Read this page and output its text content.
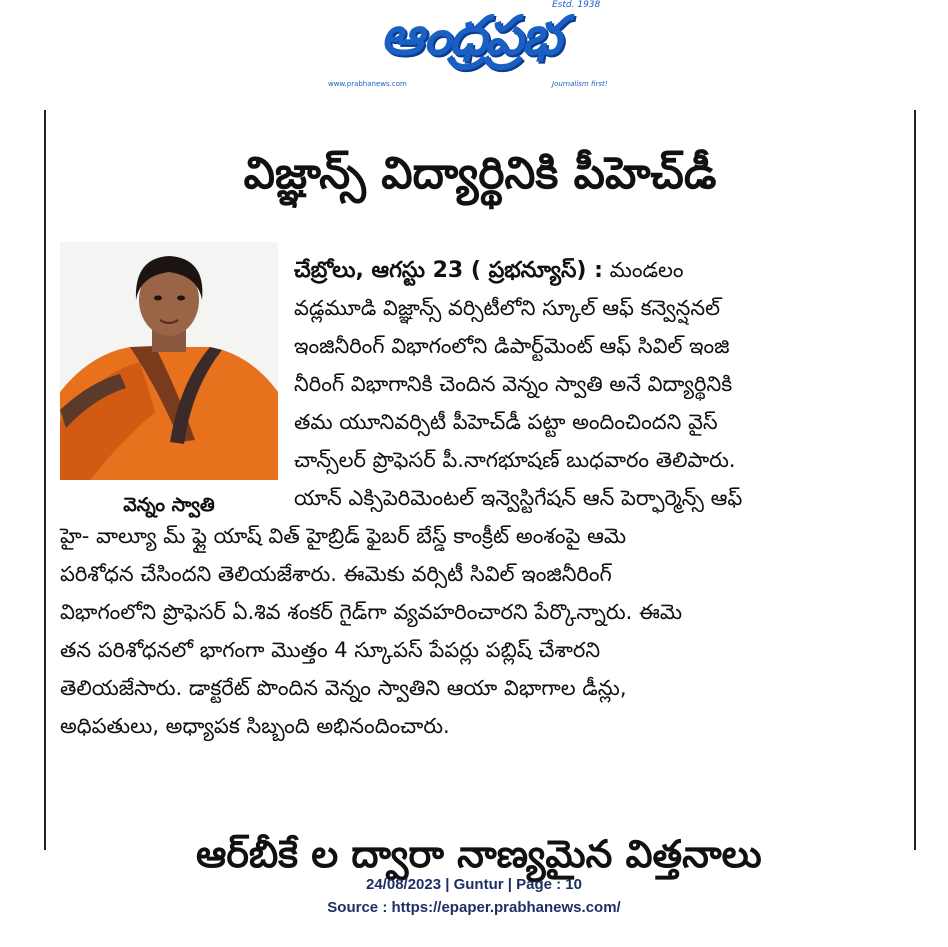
ఆంధ్రప్రభ
Estd. 1938
www.prabhanews.com	Journalism first!
విజ్ఞాన్స్ విద్యార్థినికి పీహెచ్‌డీ
వెన్నం స్వాతి
చేబ్రోలు, ఆగస్టు 23 ( ప్రభన్యూస్) : మండలం
వడ్లమూడి విజ్ఞాన్స్ వర్సిటీలోని స్కూల్ ఆఫ్ కన్వెన్షనల్
ఇంజినీరింగ్ విభాగంలోని డిపార్ట్‌మెంట్ ఆఫ్ సివిల్ ఇంజి
నీరింగ్ విభాగానికి చెందిన వెన్నం స్వాతి అనే విద్యార్థినికి
తమ యూనివర్సిటీ పీహెచ్‌డీ పట్టా అందించిందని వైస్
చాన్స్‌లర్ ప్రొఫెసర్ పీ.నాగభూషణ్ బుధవారం తెలిపారు.
యాన్ ఎక్సిపెరిమెంటల్ ఇన్వెస్టిగేషన్ ఆన్ పెర్ఫార్మెన్స్ ఆఫ్
హై- వాల్యూ మ్ ఫ్లై యాష్ విత్ హైబ్రిడ్ ఫైబర్ బేస్డ్ కాంక్రీట్ అంశంపై ఆమె
పరిశోధన చేసిందని తెలియజేశారు. ఈమెకు వర్సిటీ సివిల్ ఇంజినీరింగ్
విభాగంలోని ప్రొఫెసర్ ఏ.శివ శంకర్ గైడ్‌గా వ్యవహరించారని పేర్కొన్నారు. ఈమె
తన పరిశోధనలో భాగంగా మొత్తం 4 స్కూపస్ పేపర్లు పబ్లిష్ చేశారని
తెలియజేసారు. డాక్టరేట్ పొందిన వెన్నం స్వాతిని ఆయా విభాగాల డీన్లు,
అధిపతులు, అధ్యాపక సిబ్బంది అభినందించారు.
ఆర్‌బీకే ల ద్వారా నాణ్యమైన విత్తనాలు
24/08/2023 | Guntur | Page : 10
Source : https://epaper.prabhanews.com/
